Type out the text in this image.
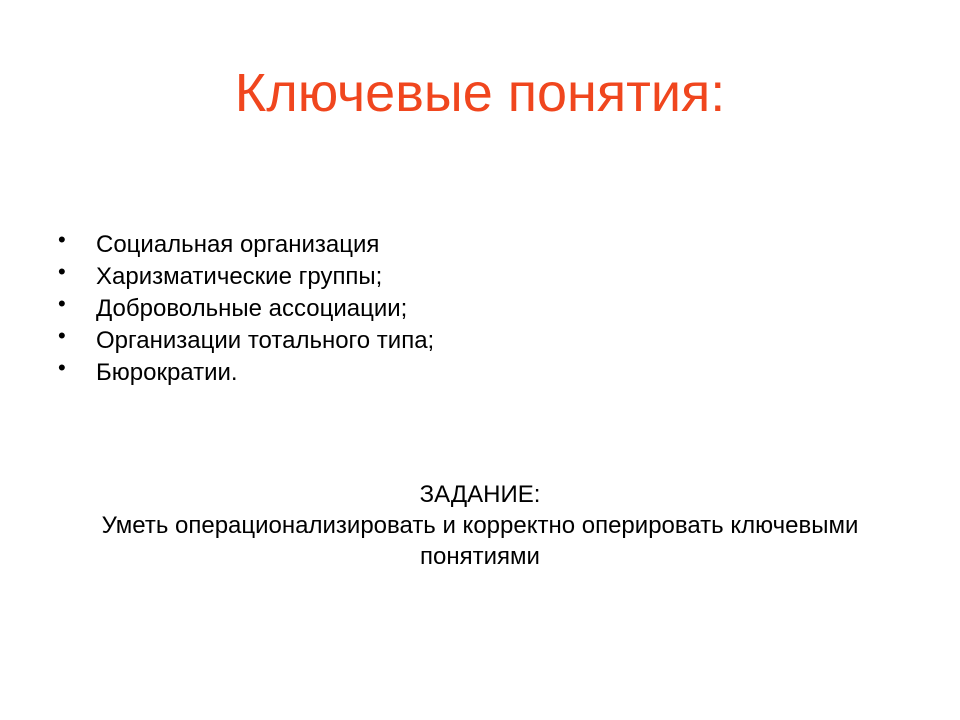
Ключевые понятия:
• Социальная организация
• Харизматические группы;
• Добровольные ассоциации;
• Организации тотального типа;
• Бюрократии.
ЗАДАНИЕ:
Уметь операционализировать и корректно оперировать ключевыми
понятиями
